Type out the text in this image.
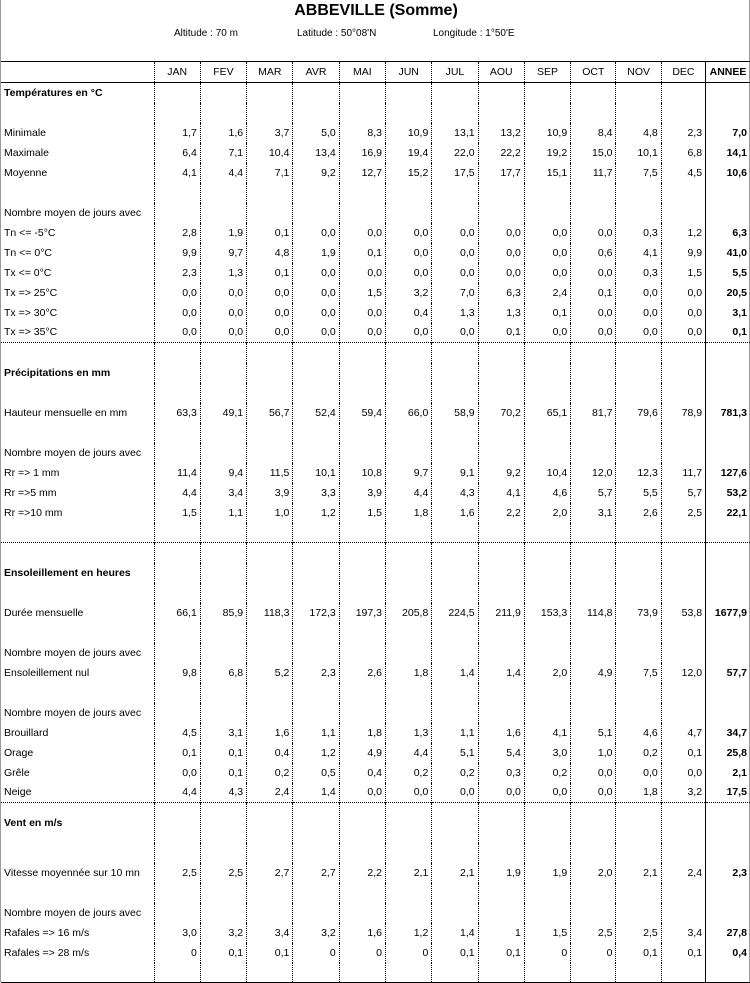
ABBEVILLE (Somme)
Altitude : 70 m	Latitude : 50°08'N	Longitude : 1°50'E
	JAN	FEV	MAR	AVR	MAI	JUN	JUL	AOU	SEP	OCT	NOV	DEC	ANNEE
Températures en °C													

Minimale	1,7	1,6	3,7	5,0	8,3	10,9	13,1	13,2	10,9	8,4	4,8	2,3	7,0
Maximale	6,4	7,1	10,4	13,4	16,9	19,4	22,0	22,2	19,2	15,0	10,1	6,8	14,1
Moyenne	4,1	4,4	7,1	9,2	12,7	15,2	17,5	17,7	15,1	11,7	7,5	4,5	10,6

Nombre moyen de jours avec													
Tn <= -5°C	2,8	1,9	0,1	0,0	0,0	0,0	0,0	0,0	0,0	0,0	0,3	1,2	6,3
Tn <= 0°C	9,9	9,7	4,8	1,9	0,1	0,0	0,0	0,0	0,0	0,6	4,1	9,9	41,0
Tx <= 0°C	2,3	1,3	0,1	0,0	0,0	0,0	0,0	0,0	0,0	0,0	0,3	1,5	5,5
Tx => 25°C	0,0	0,0	0,0	0,0	1,5	3,2	7,0	6,3	2,4	0,1	0,0	0,0	20,5
Tx => 30°C	0,0	0,0	0,0	0,0	0,0	0,4	1,3	1,3	0,1	0,0	0,0	0,0	3,1
Tx => 35°C	0,0	0,0	0,0	0,0	0,0	0,0	0,0	0,1	0,0	0,0	0,0	0,0	0,1

Précipitations en mm													

Hauteur mensuelle en mm	63,3	49,1	56,7	52,4	59,4	66,0	58,9	70,2	65,1	81,7	79,6	78,9	781,3

Nombre moyen de jours avec													
Rr => 1 mm	11,4	9,4	11,5	10,1	10,8	9,7	9,1	9,2	10,4	12,0	12,3	11,7	127,6
Rr =>5 mm	4,4	3,4	3,9	3,3	3,9	4,4	4,3	4,1	4,6	5,7	5,5	5,7	53,2
Rr =>10 mm	1,5	1,1	1,0	1,2	1,5	1,8	1,6	2,2	2,0	3,1	2,6	2,5	22,1

Ensoleillement en heures													

Durée mensuelle	66,1	85,9	118,3	172,3	197,3	205,8	224,5	211,9	153,3	114,8	73,9	53,8	1677,9

Nombre moyen de jours avec													
Ensoleillement nul	9,8	6,8	5,2	2,3	2,6	1,8	1,4	1,4	2,0	4,9	7,5	12,0	57,7

Nombre moyen de jours avec													
Brouillard	4,5	3,1	1,6	1,1	1,8	1,3	1,1	1,6	4,1	5,1	4,6	4,7	34,7
Orage	0,1	0,1	0,4	1,2	4,9	4,4	5,1	5,4	3,0	1,0	0,2	0,1	25,8
Grêle	0,0	0,1	0,2	0,5	0,4	0,2	0,2	0,3	0,2	0,0	0,0	0,0	2,1
Neige	4,4	4,3	2,4	1,4	0,0	0,0	0,0	0,0	0,0	0,0	1,8	3,2	17,5
Vent en m/s													

Vitesse moyennée sur 10 mn	2,5	2,5	2,7	2,7	2,2	2,1	2,1	1,9	1,9	2,0	2,1	2,4	2,3

Nombre moyen de jours avec													
Rafales => 16 m/s	3,0	3,2	3,4	3,2	1,6	1,2	1,4	1	1,5	2,5	2,5	3,4	27,8
Rafales => 28 m/s	0	0,1	0,1	0	0	0	0,1	0,1	0	0	0,1	0,1	0,4
